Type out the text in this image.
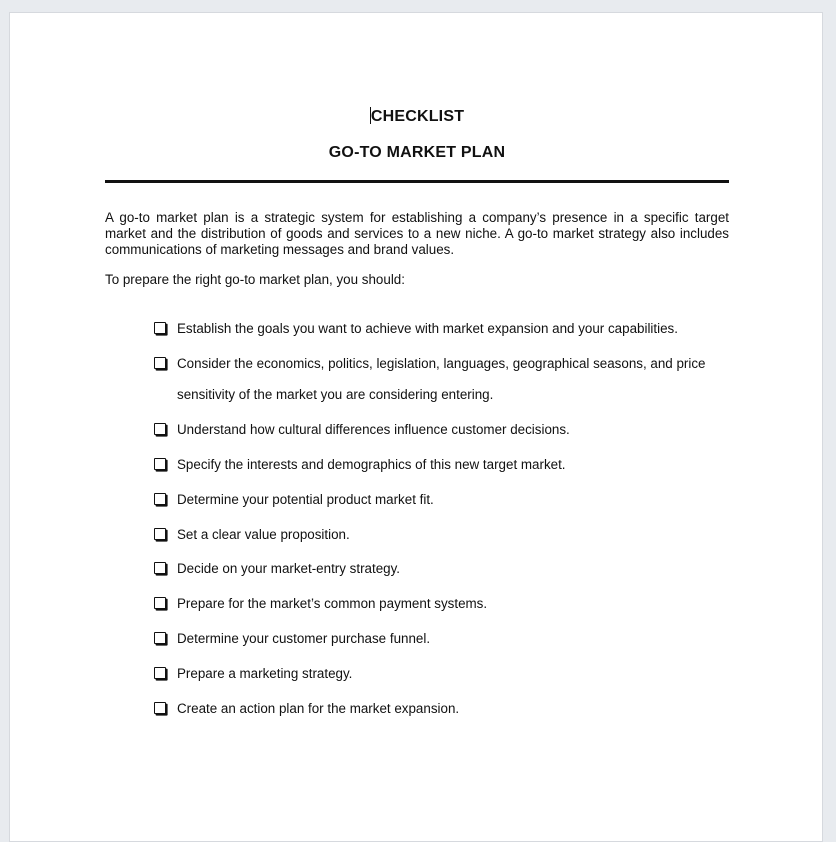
CHECKLIST
GO-TO MARKET PLAN

A go-to market plan is a strategic system for establishing a company’s presence in a specific target market and the distribution of goods and services to a new niche. A go-to market strategy also includes communications of marketing messages and brand values.

To prepare the right go-to market plan, you should:

Establish the goals you want to achieve with market expansion and your capabilities.
Consider the economics, politics, legislation, languages, geographical seasons, and price sensitivity of the market you are considering entering.
Understand how cultural differences influence customer decisions.
Specify the interests and demographics of this new target market.
Determine your potential product market fit.
Set a clear value proposition.
Decide on your market-entry strategy.
Prepare for the market’s common payment systems.
Determine your customer purchase funnel.
Prepare a marketing strategy.
Create an action plan for the market expansion.
